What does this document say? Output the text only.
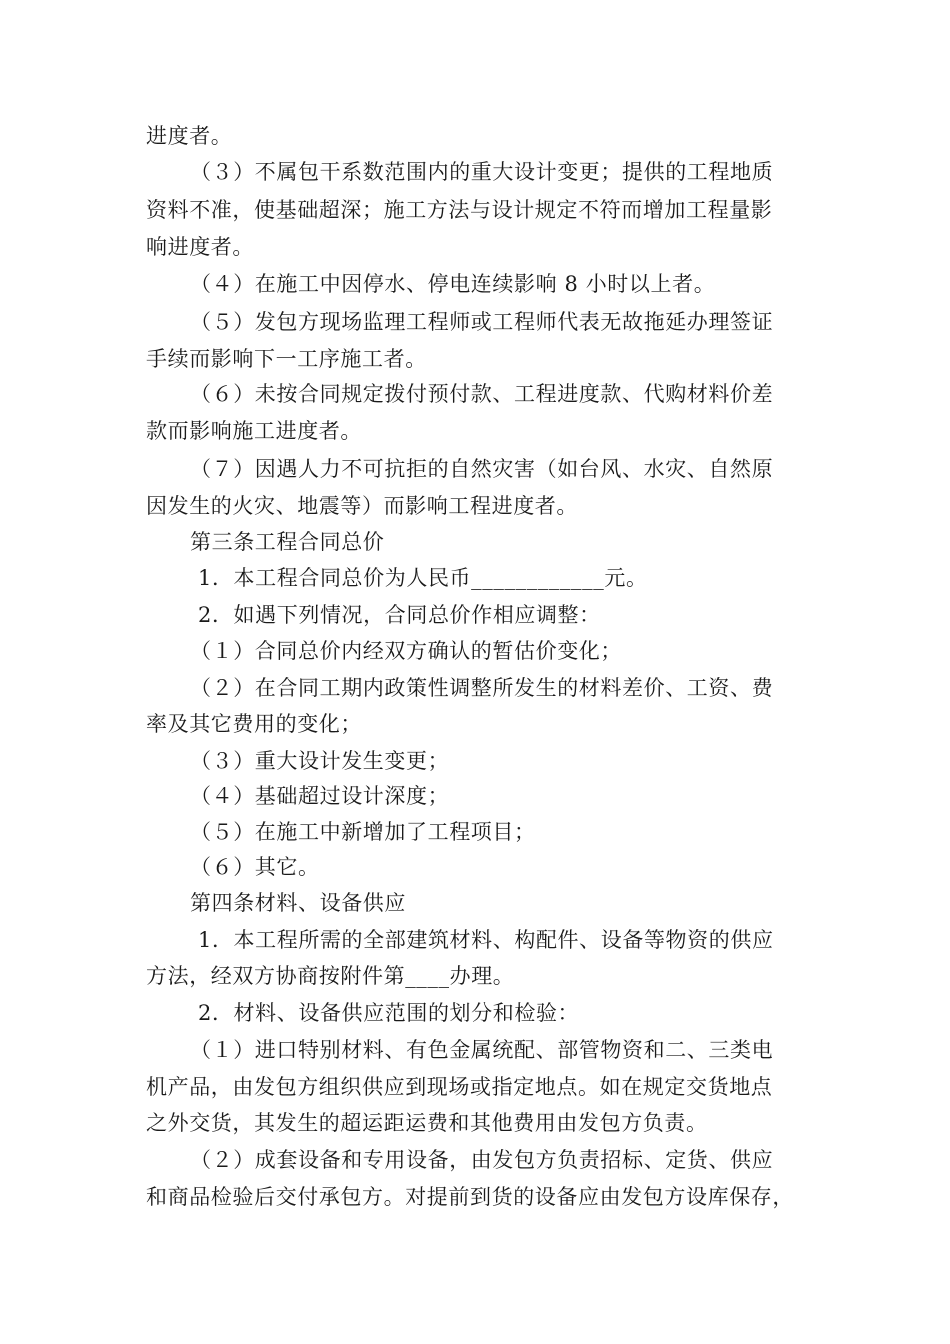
进度者。
（３）不属包干系数范围内的重大设计变更；提供的工程地质
资料不准，使基础超深；施工方法与设计规定不符而增加工程量影
响进度者。
（４）在施工中因停水、停电连续影响 8 小时以上者。
（５）发包方现场监理工程师或工程师代表无故拖延办理签证
手续而影响下一工序施工者。
（６）未按合同规定拨付预付款、工程进度款、代购材料价差
款而影响施工进度者。
（７）因遇人力不可抗拒的自然灾害（如台风、水灾、自然原
因发生的火灾、地震等）而影响工程进度者。
第三条工程合同总价
1．本工程合同总价为人民币____________元。
2．如遇下列情况，合同总价作相应调整：
（１）合同总价内经双方确认的暂估价变化；
（２）在合同工期内政策性调整所发生的材料差价、工资、费
率及其它费用的变化；
（３）重大设计发生变更；
（４）基础超过设计深度；
（５）在施工中新增加了工程项目；
（６）其它。
第四条材料、设备供应
1．本工程所需的全部建筑材料、构配件、设备等物资的供应
方法，经双方协商按附件第____办理。
2．材料、设备供应范围的划分和检验：
（１）进口特别材料、有色金属统配、部管物资和二、三类电
机产品，由发包方组织供应到现场或指定地点。如在规定交货地点
之外交货，其发生的超运距运费和其他费用由发包方负责。
（２）成套设备和专用设备，由发包方负责招标、定货、供应
和商品检验后交付承包方。对提前到货的设备应由发包方设库保存，
